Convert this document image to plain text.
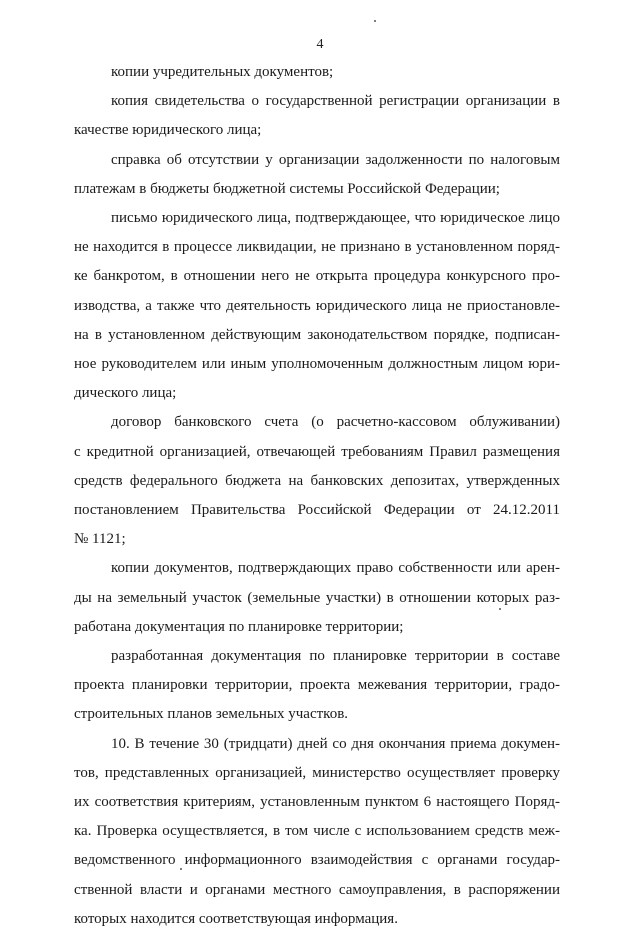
4

копии учредительных документов;

копия свидетельства о государственной регистрации организации в
качестве юридического лица;

справка об отсутствии у организации задолженности по налоговым
платежам в бюджеты бюджетной системы Российской Федерации;

письмо юридического лица, подтверждающее, что юридическое лицо
не находится в процессе ликвидации, не признано в установленном поряд-
ке банкротом, в отношении него не открыта процедура конкурсного про-
изводства, а также что деятельность юридического лица не приостановле-
на в установленном действующим законодательством порядке, подписан-
ное руководителем или иным уполномоченным должностным лицом юри-
дического лица;

договор банковского счета (о расчетно-кассовом облуживании)
с кредитной организацией, отвечающей требованиям Правил размещения
средств федерального бюджета на банковских депозитах, утвержденных
постановлением Правительства Российской Федерации от 24.12.2011
№ 1121;

копии документов, подтверждающих право собственности или арен-
ды на земельный участок (земельные участки) в отношении которых раз-
работана документация по планировке территории;

разработанная документация по планировке территории в составе
проекта планировки территории, проекта межевания территории, градо-
строительных планов земельных участков.

10. В течение 30 (тридцати) дней со дня окончания приема докумен-
тов, представленных организацией, министерство осуществляет проверку
их соответствия критериям, установленным пунктом 6 настоящего Поряд-
ка. Проверка осуществляется, в том числе с использованием средств меж-
ведомственного информационного взаимодействия с органами государ-
ственной власти и органами местного самоуправления, в распоряжении
которых находится соответствующая информация.
